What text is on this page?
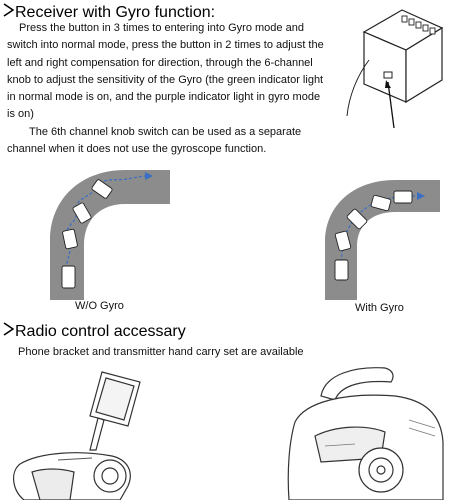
Receiver with Gyro function:

Press the button in 3 times to entering into Gyro mode and

switch into normal mode, press the button in 2 times to adjust the

left and right compensation for direction, through the 6-channel

knob to adjust the sensitivity of the Gyro (the green indicator light

in normal mode is on, and the purple indicator light in gyro mode

is on)

The 6th channel knob switch can be used as a separate

channel when it does not use the gyroscope function.

W/O Gyro	With Gyro
Radio control accessary
Phone bracket and transmitter hand carry set are available
